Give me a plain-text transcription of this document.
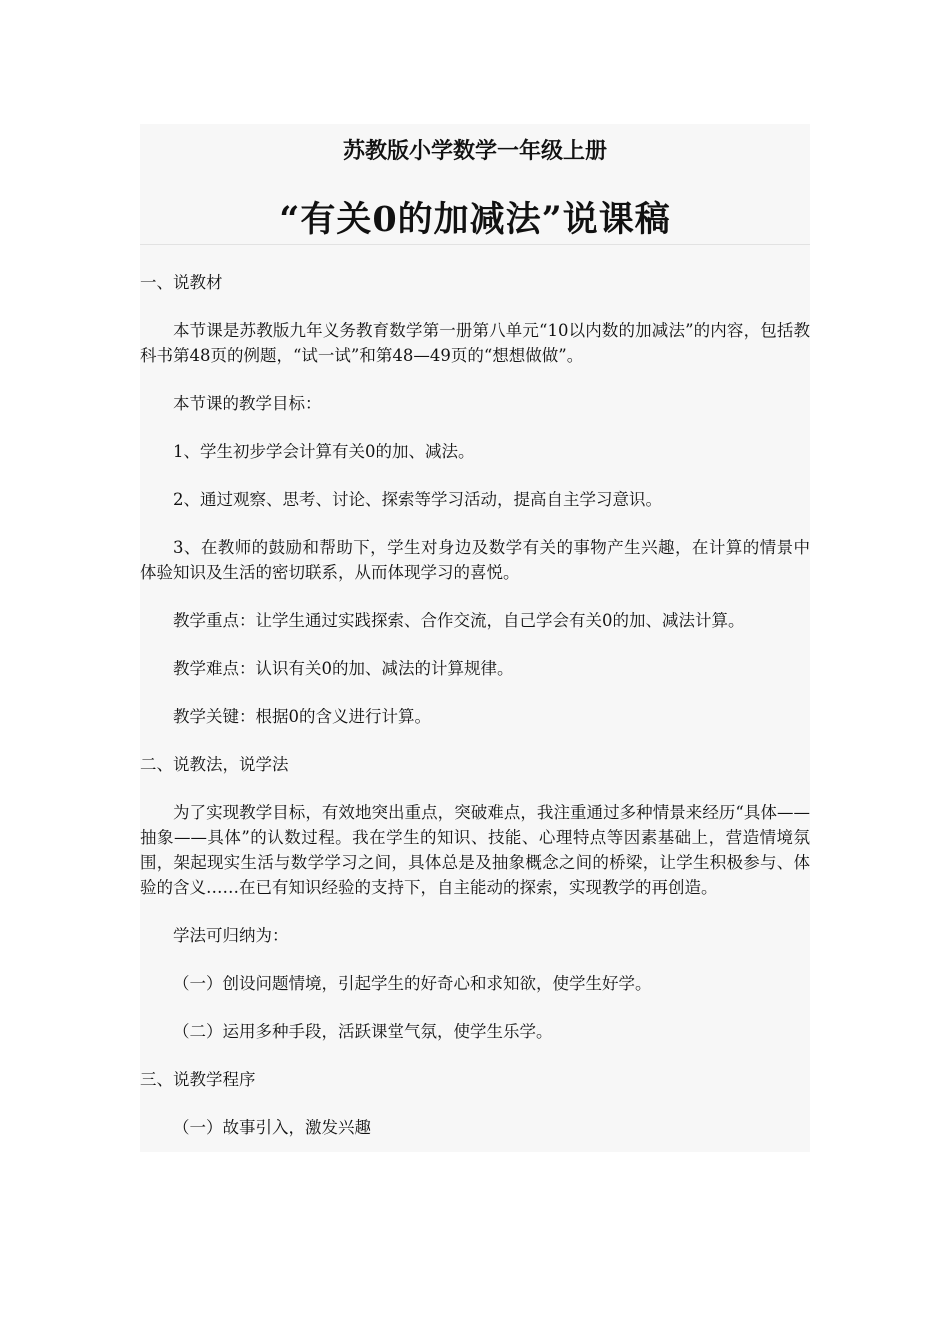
苏教版小学数学一年级上册
“有关0的加减法”说课稿

一、说教材

本节课是苏教版九年义务教育数学第一册第八单元“10以内数的加减法”的内容，包括教科书第48页的例题，“试一试”和第48—49页的“想想做做”。

本节课的教学目标：

1、学生初步学会计算有关0的加、减法。

2、通过观察、思考、讨论、探索等学习活动，提高自主学习意识。

3、在教师的鼓励和帮助下，学生对身边及数学有关的事物产生兴趣，在计算的情景中体验知识及生活的密切联系，从而体现学习的喜悦。

教学重点：让学生通过实践探索、合作交流，自己学会有关0的加、减法计算。

教学难点：认识有关0的加、减法的计算规律。

教学关键：根据0的含义进行计算。

二、说教法，说学法

为了实现教学目标，有效地突出重点，突破难点，我注重通过多种情景来经历“具体——抽象——具体”的认数过程。我在学生的知识、技能、心理特点等因素基础上，营造情境氛围，架起现实生活与数学学习之间，具体总是及抽象概念之间的桥梁，让学生积极参与、体验的含义……在已有知识经验的支持下，自主能动的探索，实现教学的再创造。

学法可归纳为：

（一）创设问题情境，引起学生的好奇心和求知欲，使学生好学。

（二）运用多种手段，活跃课堂气氛，使学生乐学。

三、说教学程序

（一）故事引入，激发兴趣
